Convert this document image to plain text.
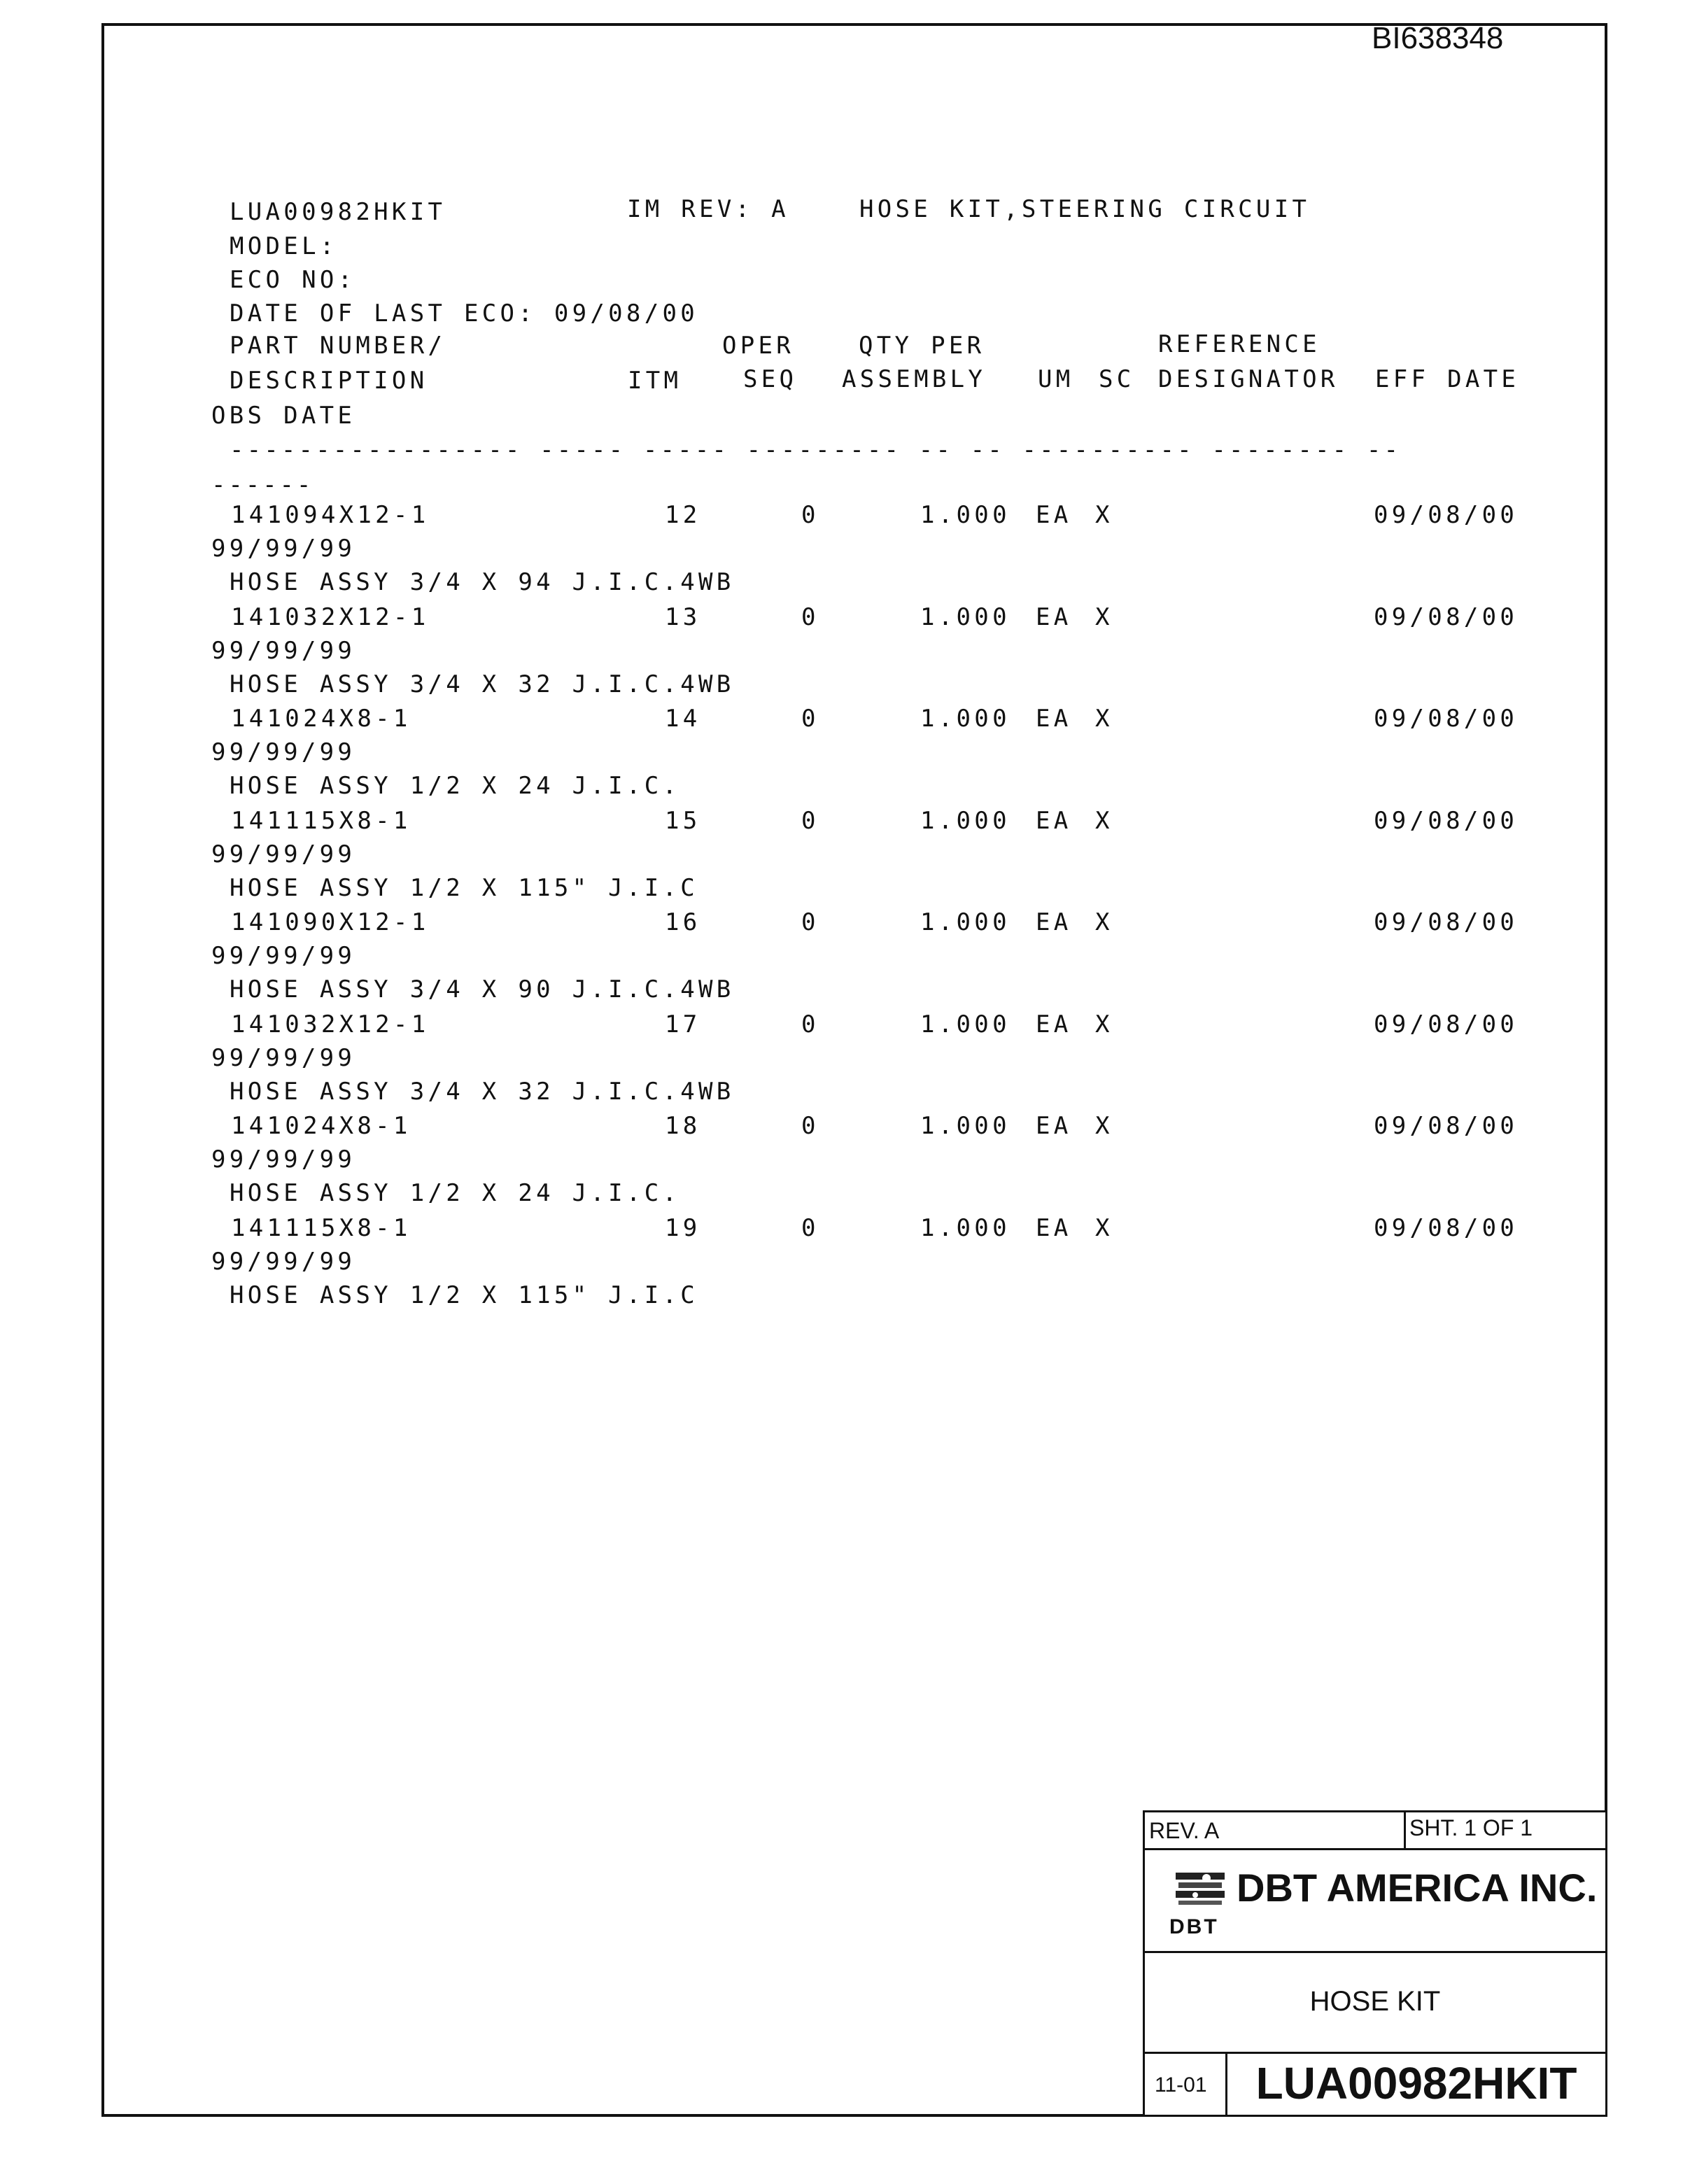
BI638348
LUA00982HKIT	IM REV: A	HOSE KIT,STEERING CIRCUIT
MODEL:
ECO NO:
DATE OF LAST ECO: 09/08/00
PART NUMBER/	OPER	QTY PER	REFERENCE
DESCRIPTION	ITM	SEQ ASSEMBLY UM SC DESIGNATOR EFF DATE
OBS DATE
----------------- ----- ----- --------- -- -- ---------- -------- --
------
141094X12-1	12	0	1.000 EA X	09/08/00
99/99/99
HOSE ASSY 3/4 X 94 J.I.C.4WB
141032X12-1	13	0	1.000 EA X	09/08/00
99/99/99
HOSE ASSY 3/4 X 32 J.I.C.4WB
141024X8-1	14	0	1.000 EA X	09/08/00
99/99/99
HOSE ASSY 1/2 X 24 J.I.C.
141115X8-1	15	0	1.000 EA X	09/08/00
99/99/99
HOSE ASSY 1/2 X 115" J.I.C
141090X12-1	16	0	1.000 EA X	09/08/00
99/99/99
HOSE ASSY 3/4 X 90 J.I.C.4WB
141032X12-1	17	0	1.000 EA X	09/08/00
99/99/99
HOSE ASSY 3/4 X 32 J.I.C.4WB
141024X8-1	18	0	1.000 EA X	09/08/00
99/99/99
HOSE ASSY 1/2 X 24 J.I.C.
141115X8-1	19	0	1.000 EA X	09/08/00
99/99/99
HOSE ASSY 1/2 X 115" J.I.C
REV. A	SHT. 1 OF 1
DBT AMERICA INC.
DBT
HOSE KIT
11-01	LUA00982HKIT
